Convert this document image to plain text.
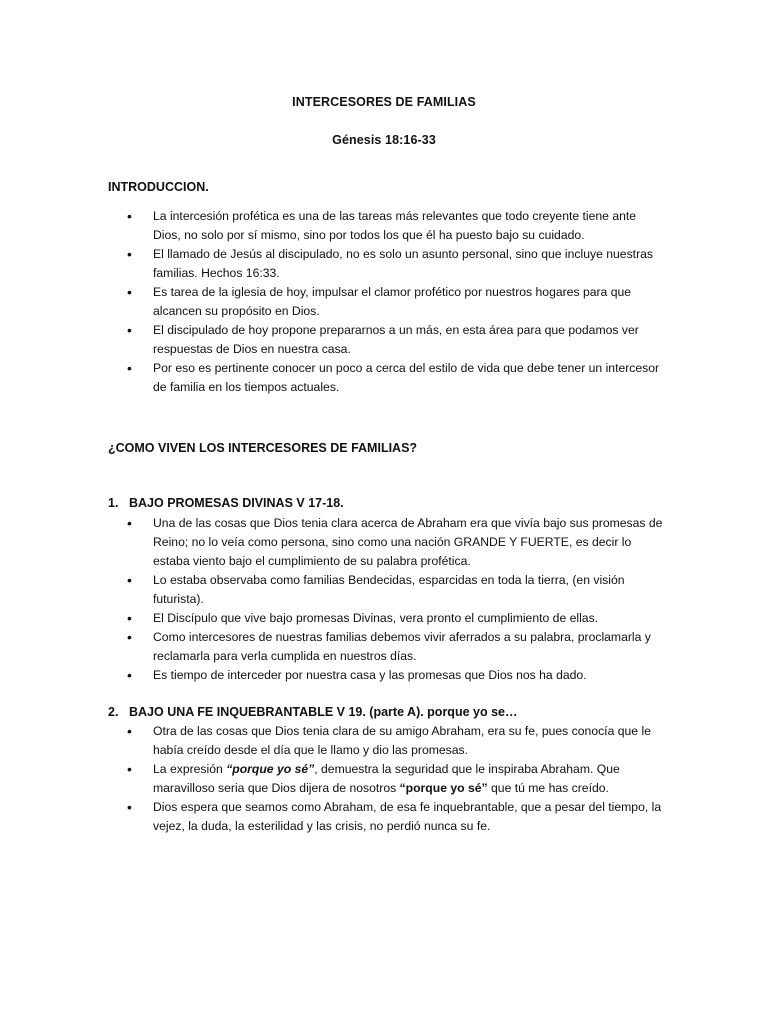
INTERCESORES DE FAMILIAS
Génesis 18:16-33
INTRODUCCION.
• La intercesión profética es una de las tareas más relevantes que todo creyente tiene ante Dios, no solo por sí mismo, sino por todos los que él ha puesto bajo su cuidado.
• El llamado de Jesús al discipulado, no es solo un asunto personal, sino que incluye nuestras familias. Hechos 16:33.
• Es tarea de la iglesia de hoy, impulsar el clamor profético por nuestros hogares para que alcancen su propósito en Dios.
• El discipulado de hoy propone prepararnos a un más, en esta área para que podamos ver respuestas de Dios en nuestra casa.
• Por eso es pertinente conocer un poco a cerca del estilo de vida que debe tener un intercesor de familia en los tiempos actuales.
¿COMO VIVEN LOS INTERCESORES DE FAMILIAS?
1. BAJO PROMESAS DIVINAS V 17-18.
• Una de las cosas que Dios tenia clara acerca de Abraham era que vivía bajo sus promesas de Reino; no lo veía como persona, sino como una nación GRANDE Y FUERTE, es decir lo estaba viento bajo el cumplimiento de su palabra profética.
• Lo estaba observaba como familias Bendecidas, esparcidas en toda la tierra, (en visión futurista).
• El Discípulo que vive bajo promesas Divinas, vera pronto el cumplimiento de ellas.
• Como intercesores de nuestras familias debemos vivir aferrados a su palabra, proclamarla y reclamarla para verla cumplida en nuestros días.
• Es tiempo de interceder por nuestra casa y las promesas que Dios nos ha dado.
2. BAJO UNA FE INQUEBRANTABLE V 19. (parte A). porque yo se…
• Otra de las cosas que Dios tenia clara de su amigo Abraham, era su fe, pues conocía que le había creído desde el día que le llamo y dio las promesas.
• La expresión “porque yo sé”, demuestra la seguridad que le inspiraba Abraham. Que maravilloso seria que Dios dijera de nosotros “porque yo sé” que tú me has creído.
• Dios espera que seamos como Abraham, de esa fe inquebrantable, que a pesar del tiempo, la vejez, la duda, la esterilidad y las crisis, no perdió nunca su fe.
